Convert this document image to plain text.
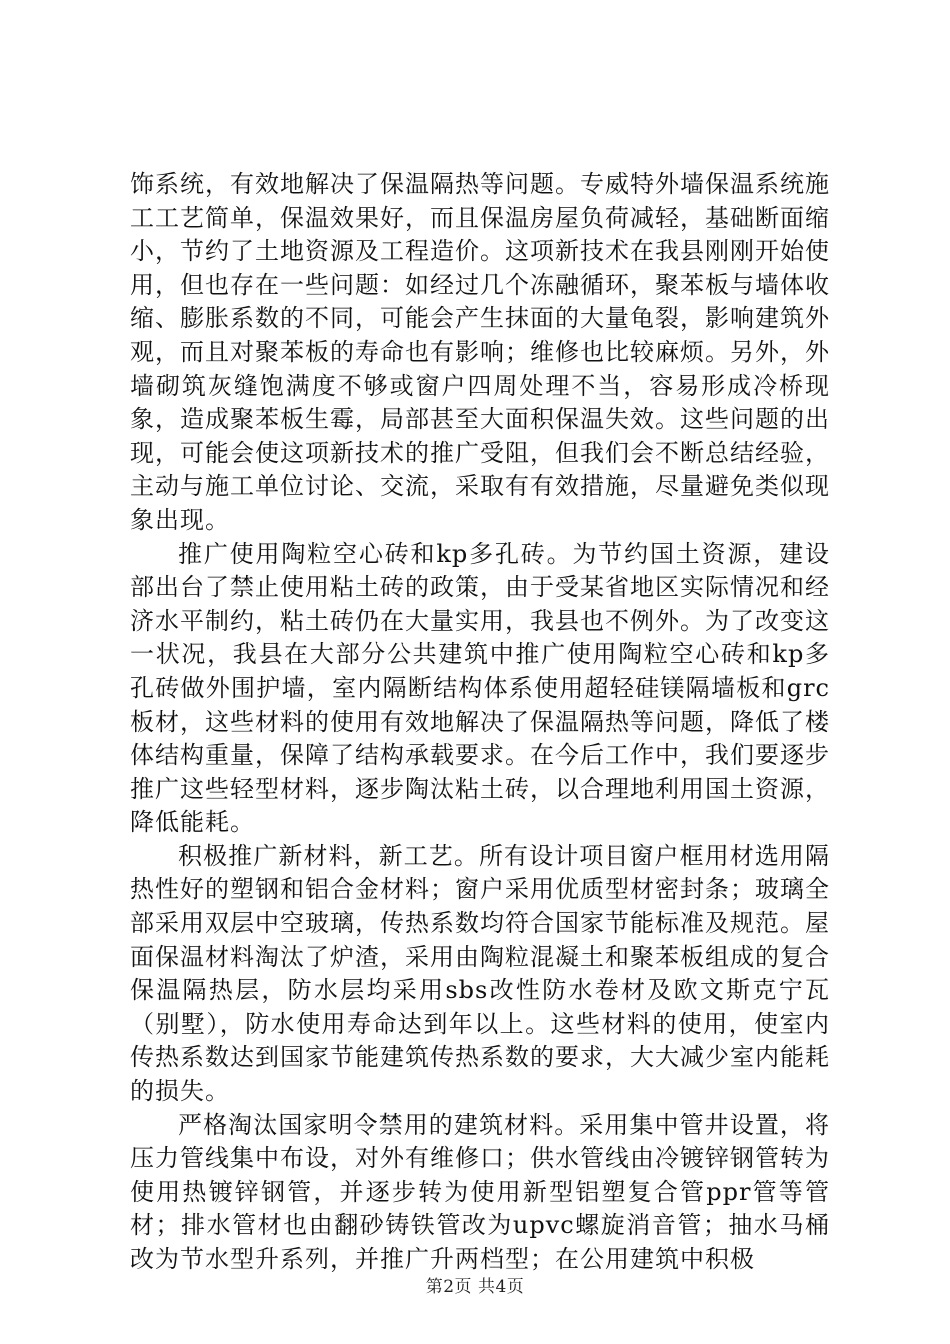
饰系统，有效地解决了保温隔热等问题。专威特外墙保温系统施工工艺简单，保温效果好，而且保温房屋负荷减轻，基础断面缩小，节约了土地资源及工程造价。这项新技术在我县刚刚开始使用，但也存在一些问题：如经过几个冻融循环，聚苯板与墙体收缩、膨胀系数的不同，可能会产生抹面的大量龟裂，影响建筑外观，而且对聚苯板的寿命也有影响；维修也比较麻烦。另外，外墙砌筑灰缝饱满度不够或窗户四周处理不当，容易形成冷桥现象，造成聚苯板生霉，局部甚至大面积保温失效。这些问题的出现，可能会使这项新技术的推广受阻，但我们会不断总结经验，主动与施工单位讨论、交流，采取有有效措施，尽量避免类似现象出现。

推广使用陶粒空心砖和kp多孔砖。为节约国土资源，建设部出台了禁止使用粘土砖的政策，由于受某省地区实际情况和经济水平制约，粘土砖仍在大量实用，我县也不例外。为了改变这一状况，我县在大部分公共建筑中推广使用陶粒空心砖和kp多孔砖做外围护墙，室内隔断结构体系使用超轻硅镁隔墙板和grc板材，这些材料的使用有效地解决了保温隔热等问题，降低了楼体结构重量，保障了结构承载要求。在今后工作中，我们要逐步推广这些轻型材料，逐步陶汰粘土砖，以合理地利用国土资源，降低能耗。

积极推广新材料，新工艺。所有设计项目窗户框用材选用隔热性好的塑钢和铝合金材料；窗户采用优质型材密封条；玻璃全部采用双层中空玻璃，传热系数均符合国家节能标准及规范。屋面保温材料淘汰了炉渣，采用由陶粒混凝土和聚苯板组成的复合保温隔热层，防水层均采用sbs改性防水卷材及欧文斯克宁瓦（别墅），防水使用寿命达到年以上。这些材料的使用，使室内传热系数达到国家节能建筑传热系数的要求，大大减少室内能耗的损失。

严格淘汰国家明令禁用的建筑材料。采用集中管井设置，将压力管线集中布设，对外有维修口；供水管线由冷镀锌钢管转为使用热镀锌钢管，并逐步转为使用新型铝塑复合管ppr管等管材；排水管材也由翻砂铸铁管改为upvc螺旋消音管；抽水马桶改为节水型升系列，并推广升两档型；在公用建筑中积极

第2页 共4页
